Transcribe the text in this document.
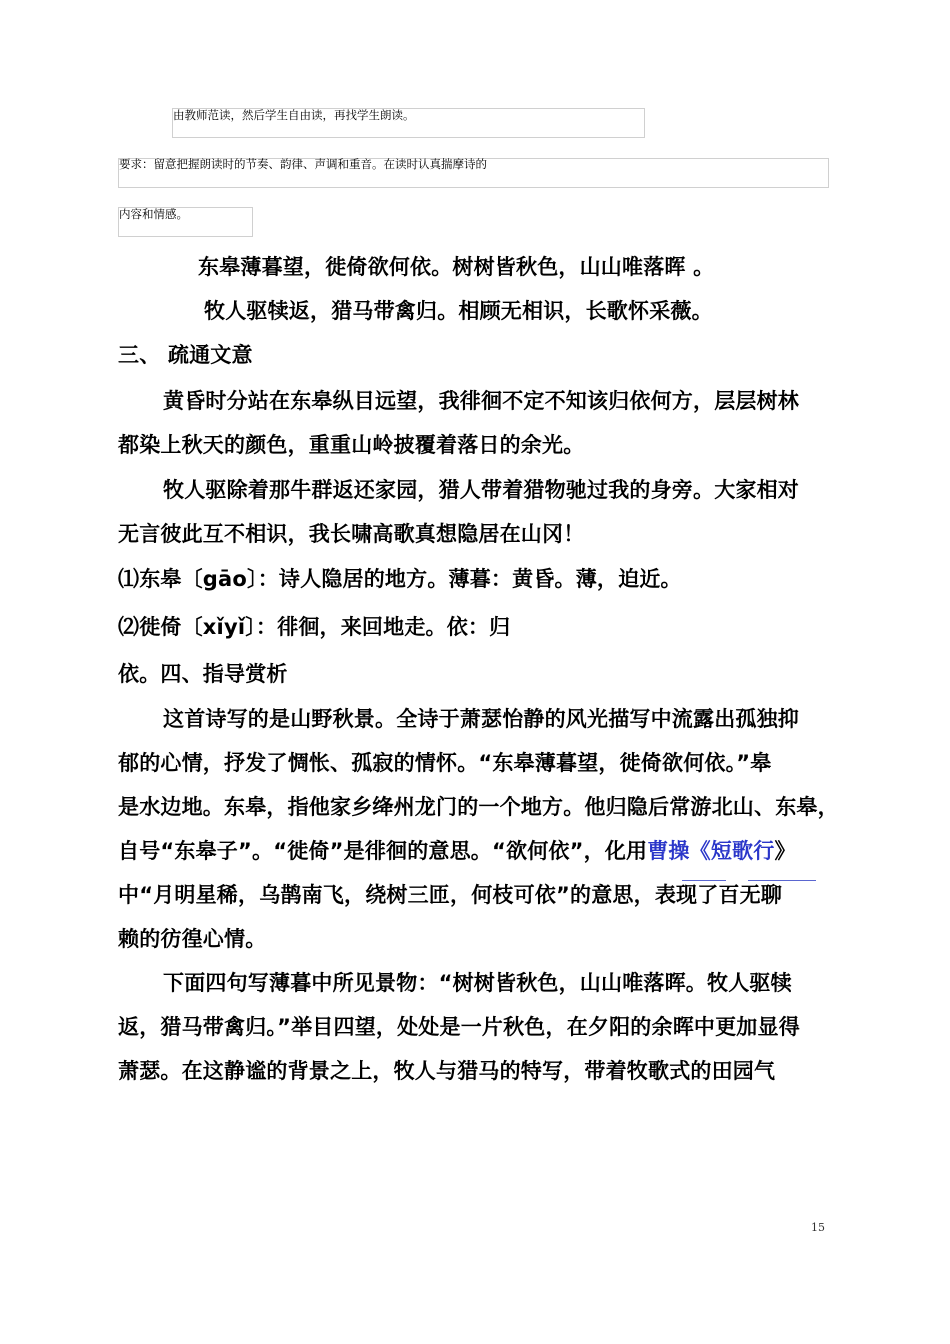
由教师范读，然后学生自由读，再找学生朗读。
要求：留意把握朗读时的节奏、韵律、声调和重音。在读时认真揣摩诗的
内容和情感。
东皋薄暮望，徙倚欲何依。树树皆秋色，山山唯落晖 。
牧人驱犊返，猎马带禽归。相顾无相识，长歌怀采薇。
三、 疏通文意
黄昏时分站在东皋纵目远望，我徘徊不定不知该归依何方，层层树林
都染上秋天的颜色，重重山岭披覆着落日的余光。
牧人驱除着那牛群返还家园，猎人带着猎物驰过我的身旁。大家相对
无言彼此互不相识，我长啸高歌真想隐居在山冈！
⑴东皋〔gāo〕：诗人隐居的地方。薄暮：黄昏。薄，迫近。
⑵徙倚〔xǐyǐ〕：徘徊，来回地走。依：归
依。四、指导赏析
这首诗写的是山野秋景。全诗于萧瑟怡静的风光描写中流露出孤独抑
郁的心情，抒发了惆怅、孤寂的情怀。“东皋薄暮望，徙倚欲何依。”皋
是水边地。东皋，指他家乡绛州龙门的一个地方。他归隐后常游北山、东皋，
自号“东皋子”。“徙倚”是徘徊的意思。“欲何依”，化用曹操《短歌行》
中“月明星稀，乌鹊南飞，绕树三匝，何枝可依”的意思，表现了百无聊
赖的彷徨心情。
下面四句写薄暮中所见景物：“树树皆秋色，山山唯落晖。牧人驱犊
返，猎马带禽归。”举目四望，处处是一片秋色，在夕阳的余晖中更加显得
萧瑟。在这静谧的背景之上，牧人与猎马的特写，带着牧歌式的田园气
15
